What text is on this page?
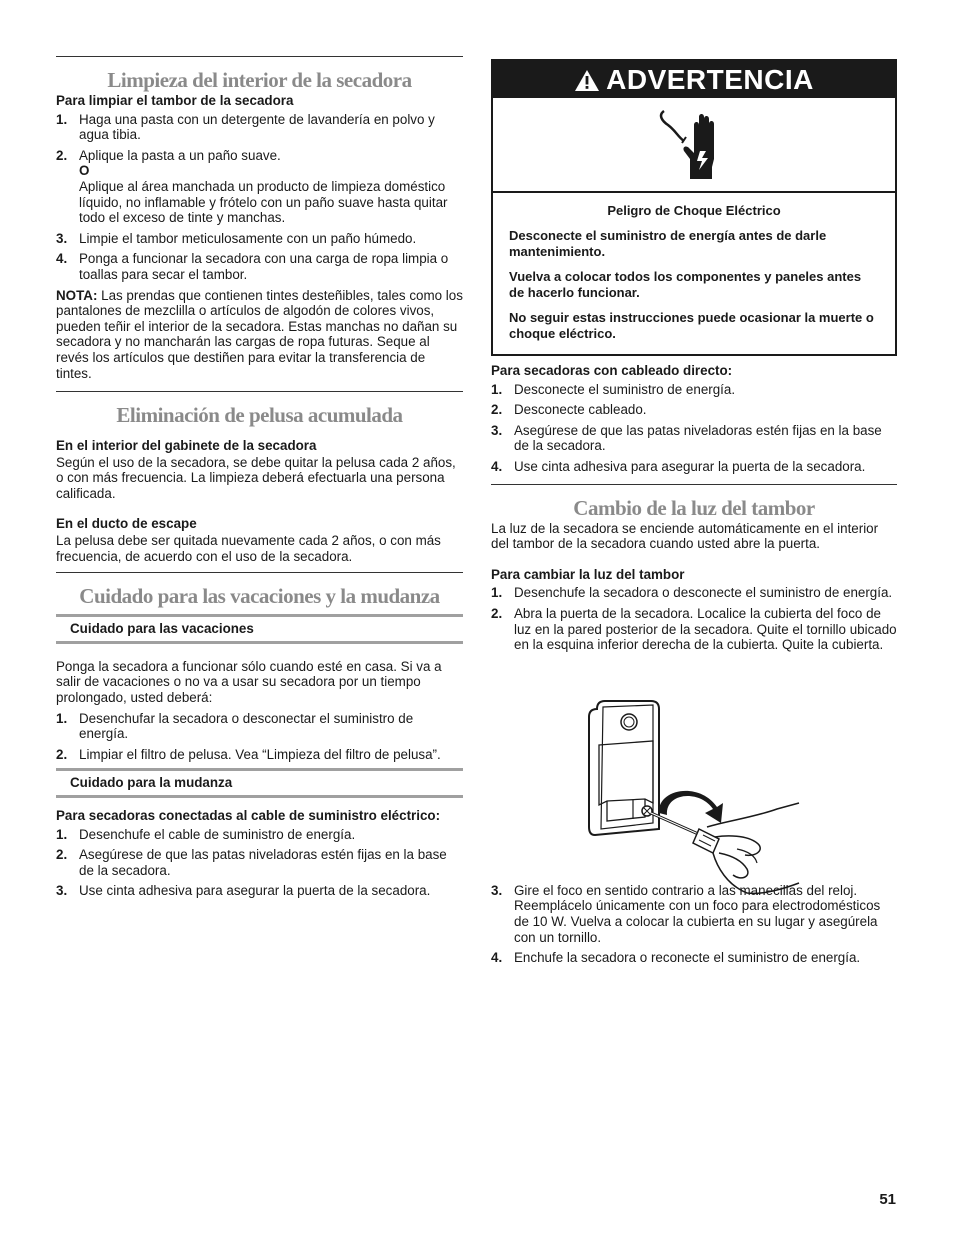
Limpieza del interior de la secadora

Para limpiar el tambor de la secadora

1. Haga una pasta con un detergente de lavandería en polvo y agua tibia.
2. Aplique la pasta a un paño suave.
O
Aplique al área manchada un producto de limpieza doméstico líquido, no inflamable y frótelo con un paño suave hasta quitar todo el exceso de tinte y manchas.
3. Limpie el tambor meticulosamente con un paño húmedo.
4. Ponga a funcionar la secadora con una carga de ropa limpia o toallas para secar el tambor.

NOTA: Las prendas que contienen tintes desteñibles, tales como los pantalones de mezclilla o artículos de algodón de colores vivos, pueden teñir el interior de la secadora. Estas manchas no dañan su secadora y no mancharán las cargas de ropa futuras. Seque al revés los artículos que destiñen para evitar la transferencia de tintes.

Eliminación de pelusa acumulada

En el interior del gabinete de la secadora

Según el uso de la secadora, se debe quitar la pelusa cada 2 años, o con más frecuencia. La limpieza deberá efectuarla una persona calificada.

En el ducto de escape

La pelusa debe ser quitada nuevamente cada 2 años, o con más frecuencia, de acuerdo con el uso de la secadora.

Cuidado para las vacaciones y la mudanza
Cuidado para las vacaciones

Ponga la secadora a funcionar sólo cuando esté en casa. Si va a salir de vacaciones o no va a usar su secadora por un tiempo prolongado, usted deberá:

1. Desenchufar la secadora o desconectar el suministro de energía.
2. Limpiar el filtro de pelusa. Vea “Limpieza del filtro de pelusa”.
Cuidado para la mudanza

Para secadoras conectadas al cable de suministro eléctrico:

1. Desenchufe el cable de suministro de energía.
2. Asegúrese de que las patas niveladoras estén fijas en la base de la secadora.
3. Use cinta adhesiva para asegurar la puerta de la secadora.
ADVERTENCIA

Peligro de Choque Eléctrico

Desconecte el suministro de energía antes de darle mantenimiento.

Vuelva a colocar todos los componentes y paneles antes de hacerlo funcionar.

No seguir estas instrucciones puede ocasionar la muerte o choque eléctrico.

Para secadoras con cableado directo:

1. Desconecte el suministro de energía.
2. Desconecte cableado.
3. Asegúrese de que las patas niveladoras estén fijas en la base de la secadora.
4. Use cinta adhesiva para asegurar la puerta de la secadora.
Cambio de la luz del tambor

La luz de la secadora se enciende automáticamente en el interior del tambor de la secadora cuando usted abre la puerta.

Para cambiar la luz del tambor

1. Desenchufe la secadora o desconecte el suministro de energía.
2. Abra la puerta de la secadora. Localice la cubierta del foco de luz en la pared posterior de la secadora. Quite el tornillo ubicado en la esquina inferior derecha de la cubierta. Quite la cubierta.
3. Gire el foco en sentido contrario a las manecillas del reloj. Reemplácelo únicamente con un foco para electrodomésticos de 10 W. Vuelva a colocar la cubierta en su lugar y asegúrela con un tornillo.
4. Enchufe la secadora o reconecte el suministro de energía.
51
